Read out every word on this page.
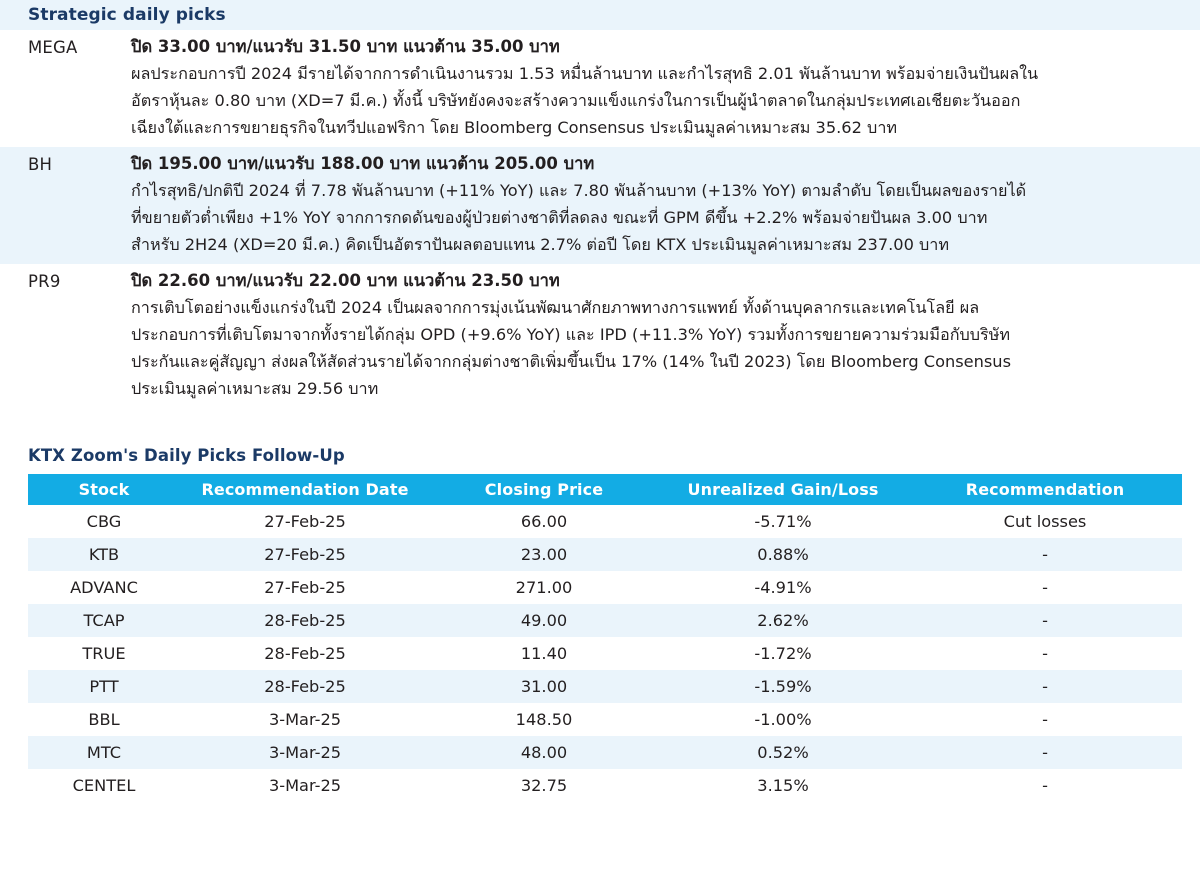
Strategic daily picks
MEGA	ปิด 33.00 บาท/แนวรับ 31.50 บาท แนวต้าน 35.00 บาท
ผลประกอบการปี 2024 มีรายได้จากการดำเนินงานรวม 1.53 หมื่นล้านบาท และกำไรสุทธิ 2.01 พันล้านบาท พร้อมจ่ายเงินปันผลใน
อัตราหุ้นละ 0.80 บาท (XD=7 มี.ค.) ทั้งนี้ บริษัทยังคงจะสร้างความแข็งแกร่งในการเป็นผู้นำตลาดในกลุ่มประเทศเอเชียตะวันออก
เฉียงใต้และการขยายธุรกิจในทวีปแอฟริกา โดย Bloomberg Consensus ประเมินมูลค่าเหมาะสม 35.62 บาท
BH	ปิด 195.00 บาท/แนวรับ 188.00 บาท แนวต้าน 205.00 บาท
กำไรสุทธิ/ปกติปี 2024 ที่ 7.78 พันล้านบาท (+11% YoY) และ 7.80 พันล้านบาท (+13% YoY) ตามลำดับ โดยเป็นผลของรายได้
ที่ขยายตัวต่ำเพียง +1% YoY จากการกดดันของผู้ป่วยต่างชาติที่ลดลง ขณะที่ GPM ดีขึ้น +2.2% พร้อมจ่ายปันผล 3.00 บาท
สำหรับ 2H24 (XD=20 มี.ค.) คิดเป็นอัตราปันผลตอบแทน 2.7% ต่อปี โดย KTX ประเมินมูลค่าเหมาะสม 237.00 บาท
PR9	ปิด 22.60 บาท/แนวรับ 22.00 บาท แนวต้าน 23.50 บาท
การเติบโตอย่างแข็งแกร่งในปี 2024 เป็นผลจากการมุ่งเน้นพัฒนาศักยภาพทางการแพทย์ ทั้งด้านบุคลากรและเทคโนโลยี ผล
ประกอบการที่เติบโตมาจากทั้งรายได้กลุ่ม OPD (+9.6% YoY) และ IPD (+11.3% YoY) รวมทั้งการขยายความร่วมมือกับบริษัท
ประกันและคู่สัญญา ส่งผลให้สัดส่วนรายได้จากกลุ่มต่างชาติเพิ่มขึ้นเป็น 17% (14% ในปี 2023) โดย Bloomberg Consensus
ประเมินมูลค่าเหมาะสม 29.56 บาท
KTX Zoom's Daily Picks Follow-Up
Stock	Recommendation Date	Closing Price	Unrealized Gain/Loss	Recommendation
CBG	27-Feb-25	66.00	-5.71%	Cut losses
KTB	27-Feb-25	23.00	0.88%	-
ADVANC	27-Feb-25	271.00	-4.91%	-
TCAP	28-Feb-25	49.00	2.62%	-
TRUE	28-Feb-25	11.40	-1.72%	-
PTT	28-Feb-25	31.00	-1.59%	-
BBL	3-Mar-25	148.50	-1.00%	-
MTC	3-Mar-25	48.00	0.52%	-
CENTEL	3-Mar-25	32.75	3.15%	-
